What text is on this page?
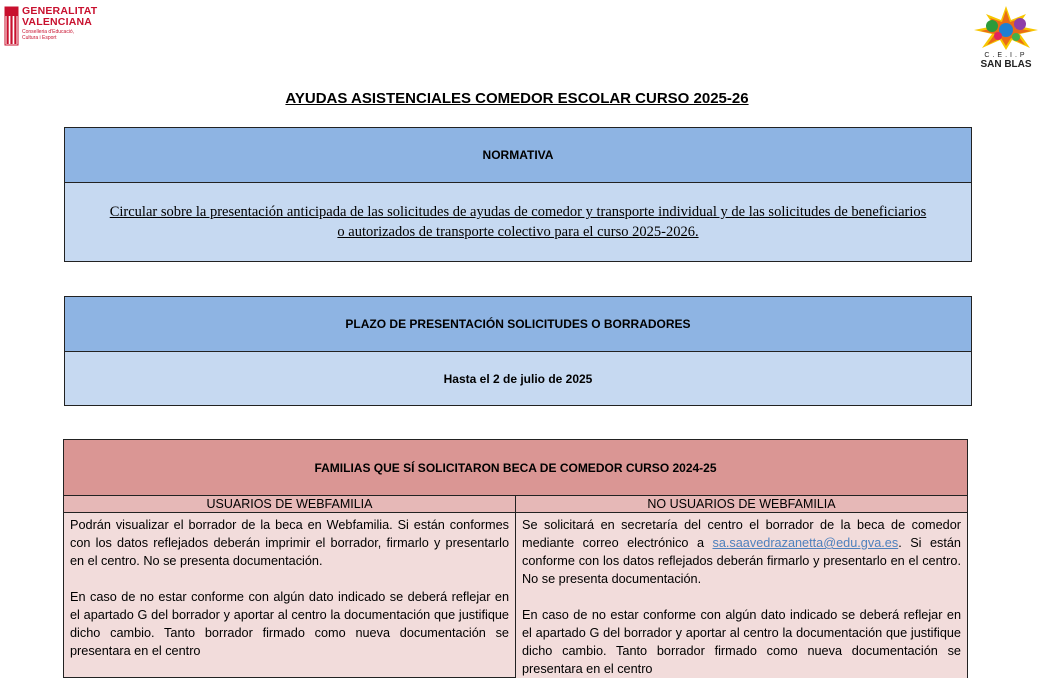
GENERALITAT
VALENCIANA
Conselleria d'Educació,
Cultura i Esport
C.E.I.P
SAN BLAS
AYUDAS ASISTENCIALES COMEDOR ESCOLAR CURSO 2025-26
NORMATIVA
Circular sobre la presentación anticipada de las solicitudes de ayudas de comedor y transporte individual y de las solicitudes de beneficiarios o autorizados de transporte colectivo para el curso 2025-2026.
PLAZO DE PRESENTACIÓN SOLICITUDES O BORRADORES
Hasta el 2 de julio de 2025
FAMILIAS QUE SÍ SOLICITARON BECA DE COMEDOR CURSO 2024-25
USUARIOS DE WEBFAMILIA

Podrán visualizar el borrador de la beca en Webfamilia. Si están conformes con los datos reflejados deberán imprimir el borrador, firmarlo y presentarlo en el centro. No se presenta documentación.

En caso de no estar conforme con algún dato indicado se deberá reflejar en el apartado G del borrador y aportar al centro la documentación que justifique dicho cambio. Tanto borrador firmado como nueva documentación se presentara en el centro

NO USUARIOS DE WEBFAMILIA

Se solicitará en secretaría del centro el borrador de la beca de comedor mediante correo electrónico a sa.saavedrazanetta@edu.gva.es. Si están conforme con los datos reflejados deberán firmarlo y presentarlo en el centro. No se presenta documentación.

En caso de no estar conforme con algún dato indicado se deberá reflejar en el apartado G del borrador y aportar al centro la documentación que justifique dicho cambio. Tanto borrador firmado como nueva documentación se presentara en el centro
